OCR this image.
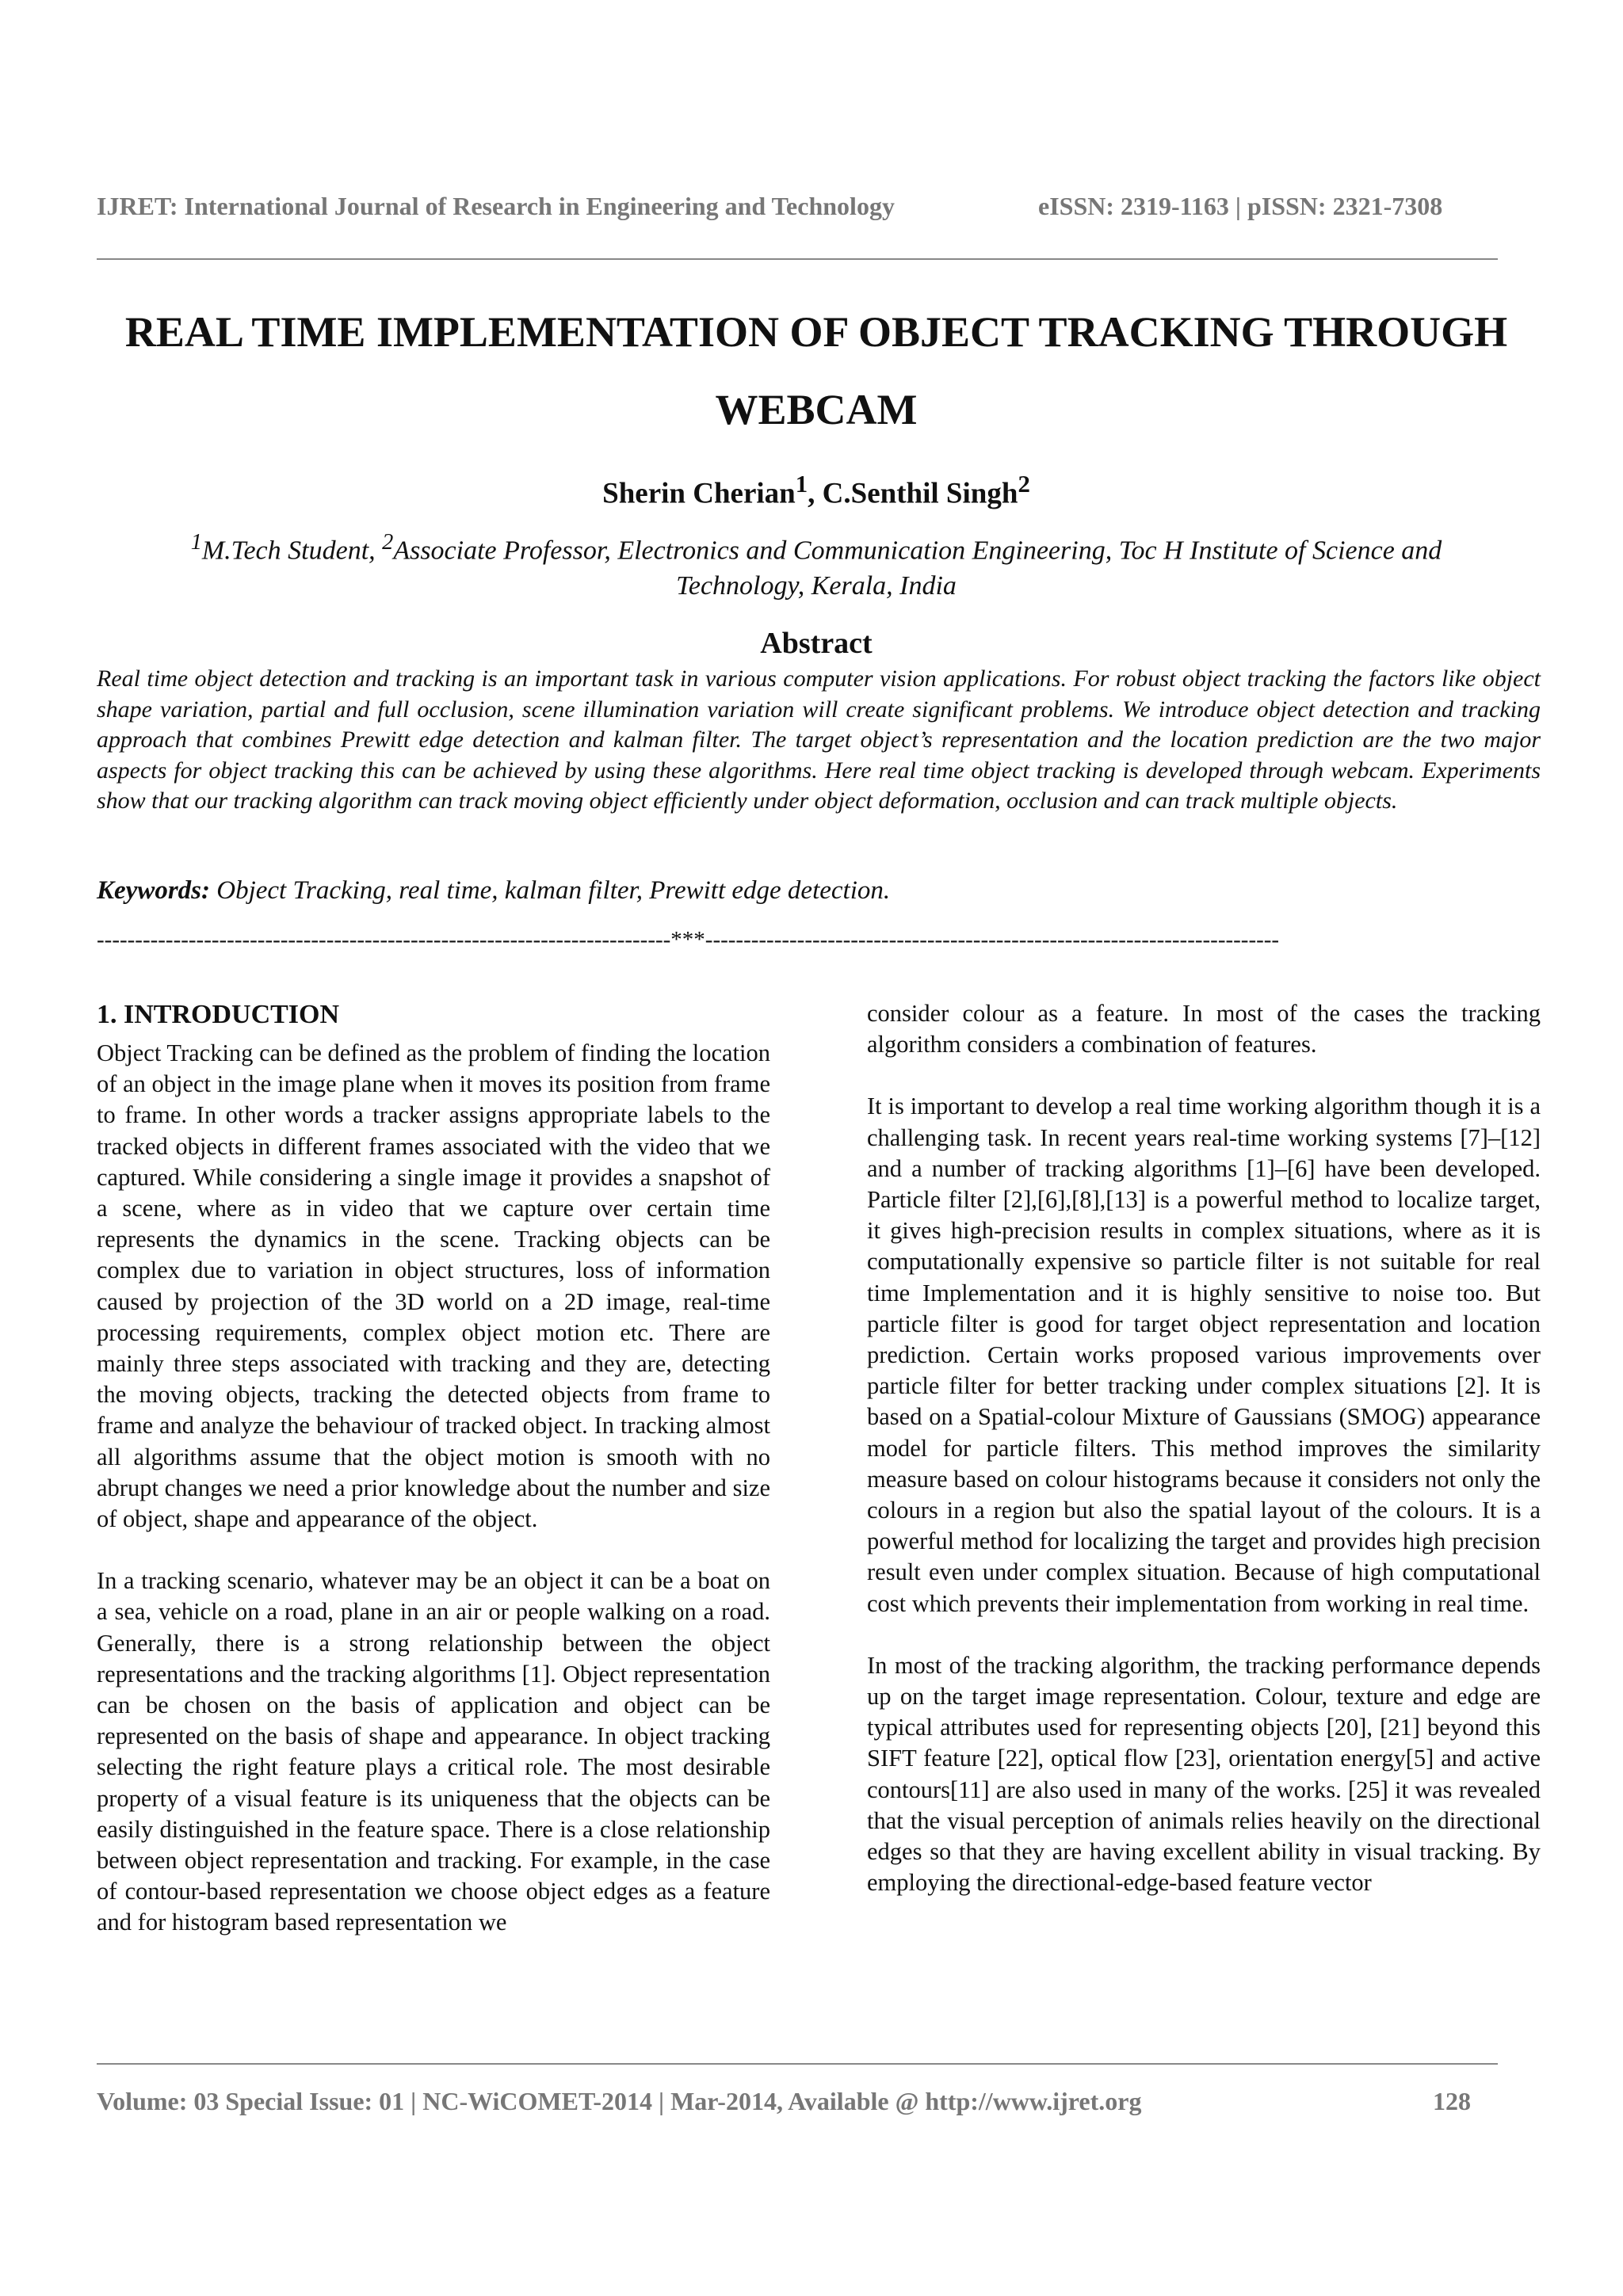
IJRET: International Journal of Research in Engineering and Technology	eISSN: 2319-1163 | pISSN: 2321-7308
REAL TIME IMPLEMENTATION OF OBJECT TRACKING THROUGH WEBCAM
Sherin Cherian$^1$, C.Senthil Singh$^2$
$^1$M.Tech Student, $^2$Associate Professor, Electronics and Communication Engineering, Toc H Institute of Science and Technology, Kerala, India
Abstract

Real time object detection and tracking is an important task in various computer vision applications. For robust object tracking the factors like object shape variation, partial and full occlusion, scene illumination variation will create significant problems. We introduce object detection and tracking approach that combines Prewitt edge detection and kalman filter. The target object’s representation and the location prediction are the two major aspects for object tracking this can be achieved by using these algorithms. Here real time object tracking is developed through webcam. Experiments show that our tracking algorithm can track moving object efficiently under object deformation, occlusion and can track multiple objects.

Keywords: Object Tracking, real time, kalman filter, Prewitt edge detection.
---------------------------------------------------------------------------***---------------------------------------------------------------------------
1. INTRODUCTION

Object Tracking can be defined as the problem of finding the location of an object in the image plane when it moves its position from frame to frame. In other words a tracker assigns appropriate labels to the tracked objects in different frames associated with the video that we captured. While considering a single image it provides a snapshot of a scene, where as in video that we capture over certain time represents the dynamics in the scene. Tracking objects can be complex due to variation in object structures, loss of information caused by projection of the 3D world on a 2D image, real-time processing requirements, complex object motion etc. There are mainly three steps associated with tracking and they are, detecting the moving objects, tracking the detected objects from frame to frame and analyze the behaviour of tracked object. In tracking almost all algorithms assume that the object motion is smooth with no abrupt changes we need a prior knowledge about the number and size of object, shape and appearance of the object.

In a tracking scenario, whatever may be an object it can be a boat on a sea, vehicle on a road, plane in an air or people walking on a road. Generally, there is a strong relationship between the object representations and the tracking algorithms [1]. Object representation can be chosen on the basis of application and object can be represented on the basis of shape and appearance. In object tracking selecting the right feature plays a critical role. The most desirable property of a visual feature is its uniqueness that the objects can be easily distinguished in the feature space. There is a close relationship between object representation and tracking. For example, in the case of contour-based representation we choose object edges as a feature and for histogram based representation we

consider colour as a feature. In most of the cases the tracking algorithm considers a combination of features.

It is important to develop a real time working algorithm though it is a challenging task. In recent years real-time working systems [7]–[12] and a number of tracking algorithms [1]–[6] have been developed. Particle filter [2],[6],[8],[13] is a powerful method to localize target, it gives high-precision results in complex situations, where as it is computationally expensive so particle filter is not suitable for real time Implementation and it is highly sensitive to noise too. But particle filter is good for target object representation and location prediction. Certain works proposed various improvements over particle filter for better tracking under complex situations [2]. It is based on a Spatial-colour Mixture of Gaussians (SMOG) appearance model for particle filters. This method improves the similarity measure based on colour histograms because it considers not only the colours in a region but also the spatial layout of the colours. It is a powerful method for localizing the target and provides high precision result even under complex situation. Because of high computational cost which prevents their implementation from working in real time.

In most of the tracking algorithm, the tracking performance depends up on the target image representation. Colour, texture and edge are typical attributes used for representing objects [20], [21] beyond this SIFT feature [22], optical flow [23], orientation energy[5] and active contours[11] are also used in many of the works. [25] it was revealed that the visual perception of animals relies heavily on the directional edges so that they are having excellent ability in visual tracking. By employing the directional-edge-based feature vector

Volume: 03 Special Issue: 01 | NC-WiCOMET-2014 | Mar-2014, Available @ http://www.ijret.org	128
